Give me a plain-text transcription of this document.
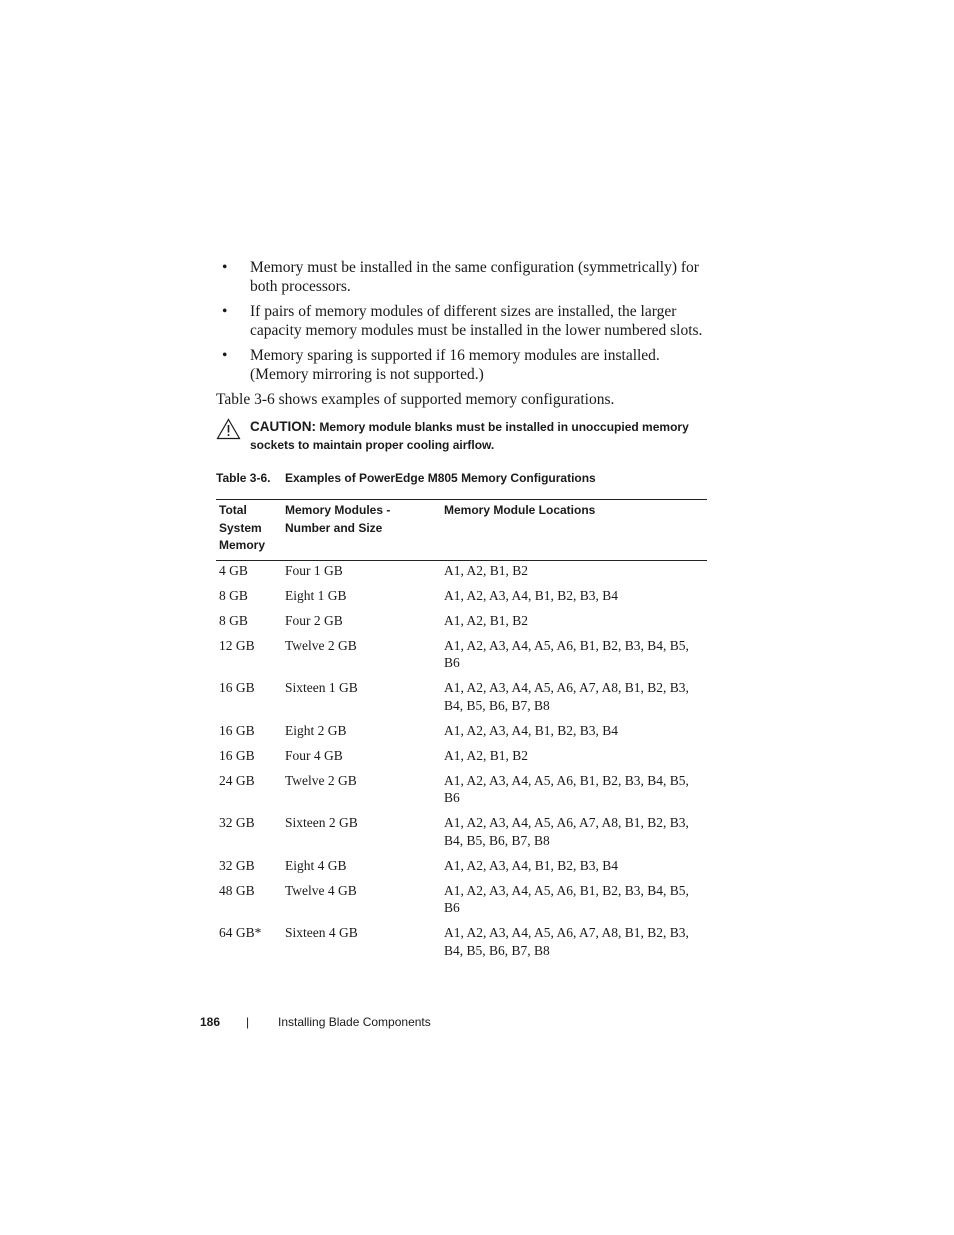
• Memory must be installed in the same configuration (symmetrically) for both processors.
• If pairs of memory modules of different sizes are installed, the larger capacity memory modules must be installed in the lower numbered slots.
• Memory sparing is supported if 16 memory modules are installed. (Memory mirroring is not supported.)
Table 3-6 shows examples of supported memory configurations.
CAUTION: Memory module blanks must be installed in unoccupied memory sockets to maintain proper cooling airflow.
Table 3-6. Examples of PowerEdge M805 Memory Configurations
Total System Memory	Memory Modules - Number and Size	Memory Module Locations
4 GB	Four 1 GB	A1, A2, B1, B2
8 GB	Eight 1 GB	A1, A2, A3, A4, B1, B2, B3, B4
8 GB	Four 2 GB	A1, A2, B1, B2
12 GB	Twelve 2 GB	A1, A2, A3, A4, A5, A6, B1, B2, B3, B4, B5, B6
16 GB	Sixteen 1 GB	A1, A2, A3, A4, A5, A6, A7, A8, B1, B2, B3, B4, B5, B6, B7, B8
16 GB	Eight 2 GB	A1, A2, A3, A4, B1, B2, B3, B4
16 GB	Four 4 GB	A1, A2, B1, B2
24 GB	Twelve 2 GB	A1, A2, A3, A4, A5, A6, B1, B2, B3, B4, B5, B6
32 GB	Sixteen 2 GB	A1, A2, A3, A4, A5, A6, A7, A8, B1, B2, B3, B4, B5, B6, B7, B8
32 GB	Eight 4 GB	A1, A2, A3, A4, B1, B2, B3, B4
48 GB	Twelve 4 GB	A1, A2, A3, A4, A5, A6, B1, B2, B3, B4, B5, B6
64 GB*	Sixteen 4 GB	A1, A2, A3, A4, A5, A6, A7, A8, B1, B2, B3, B4, B5, B6, B7, B8
186 | Installing Blade Components
